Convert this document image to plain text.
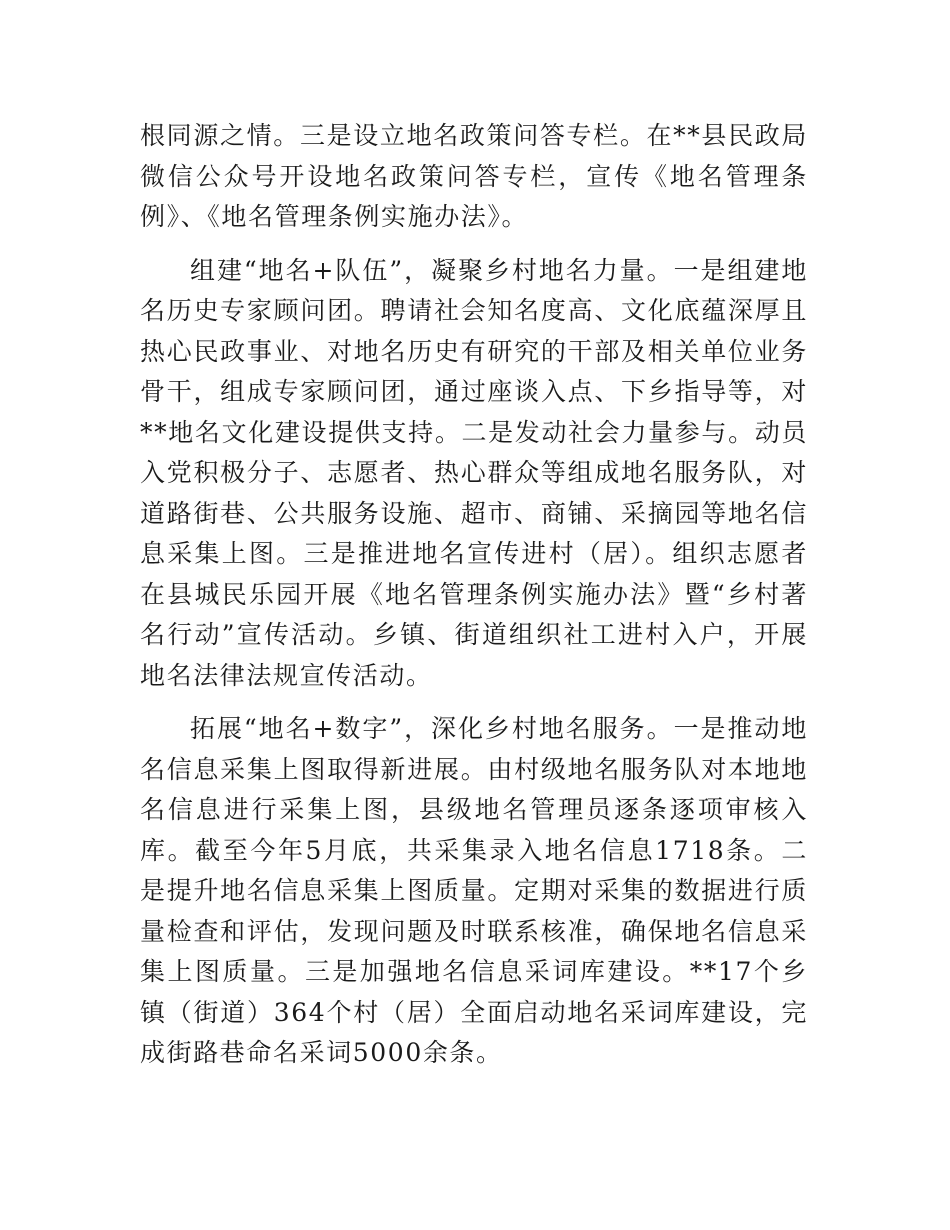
根同源之情。三是设立地名政策问答专栏。在**县民政局微信公众号开设地名政策问答专栏，宣传《地名管理条例》、《地名管理条例实施办法》。

组建“地名+队伍”，凝聚乡村地名力量。一是组建地名历史专家顾问团。聘请社会知名度高、文化底蕴深厚且热心民政事业、对地名历史有研究的干部及相关单位业务骨干，组成专家顾问团，通过座谈入点、下乡指导等，对**地名文化建设提供支持。二是发动社会力量参与。动员入党积极分子、志愿者、热心群众等组成地名服务队，对道路街巷、公共服务设施、超市、商铺、采摘园等地名信息采集上图。三是推进地名宣传进村（居）。组织志愿者在县城民乐园开展《地名管理条例实施办法》暨“乡村著名行动”宣传活动。乡镇、街道组织社工进村入户，开展地名法律法规宣传活动。

拓展“地名+数字”，深化乡村地名服务。一是推动地名信息采集上图取得新进展。由村级地名服务队对本地地名信息进行采集上图，县级地名管理员逐条逐项审核入库。截至今年5月底，共采集录入地名信息1718条。二是提升地名信息采集上图质量。定期对采集的数据进行质量检查和评估，发现问题及时联系核准，确保地名信息采集上图质量。三是加强地名信息采词库建设。**17个乡镇（街道）364个村（居）全面启动地名采词库建设，完成街路巷命名采词5000余条。
